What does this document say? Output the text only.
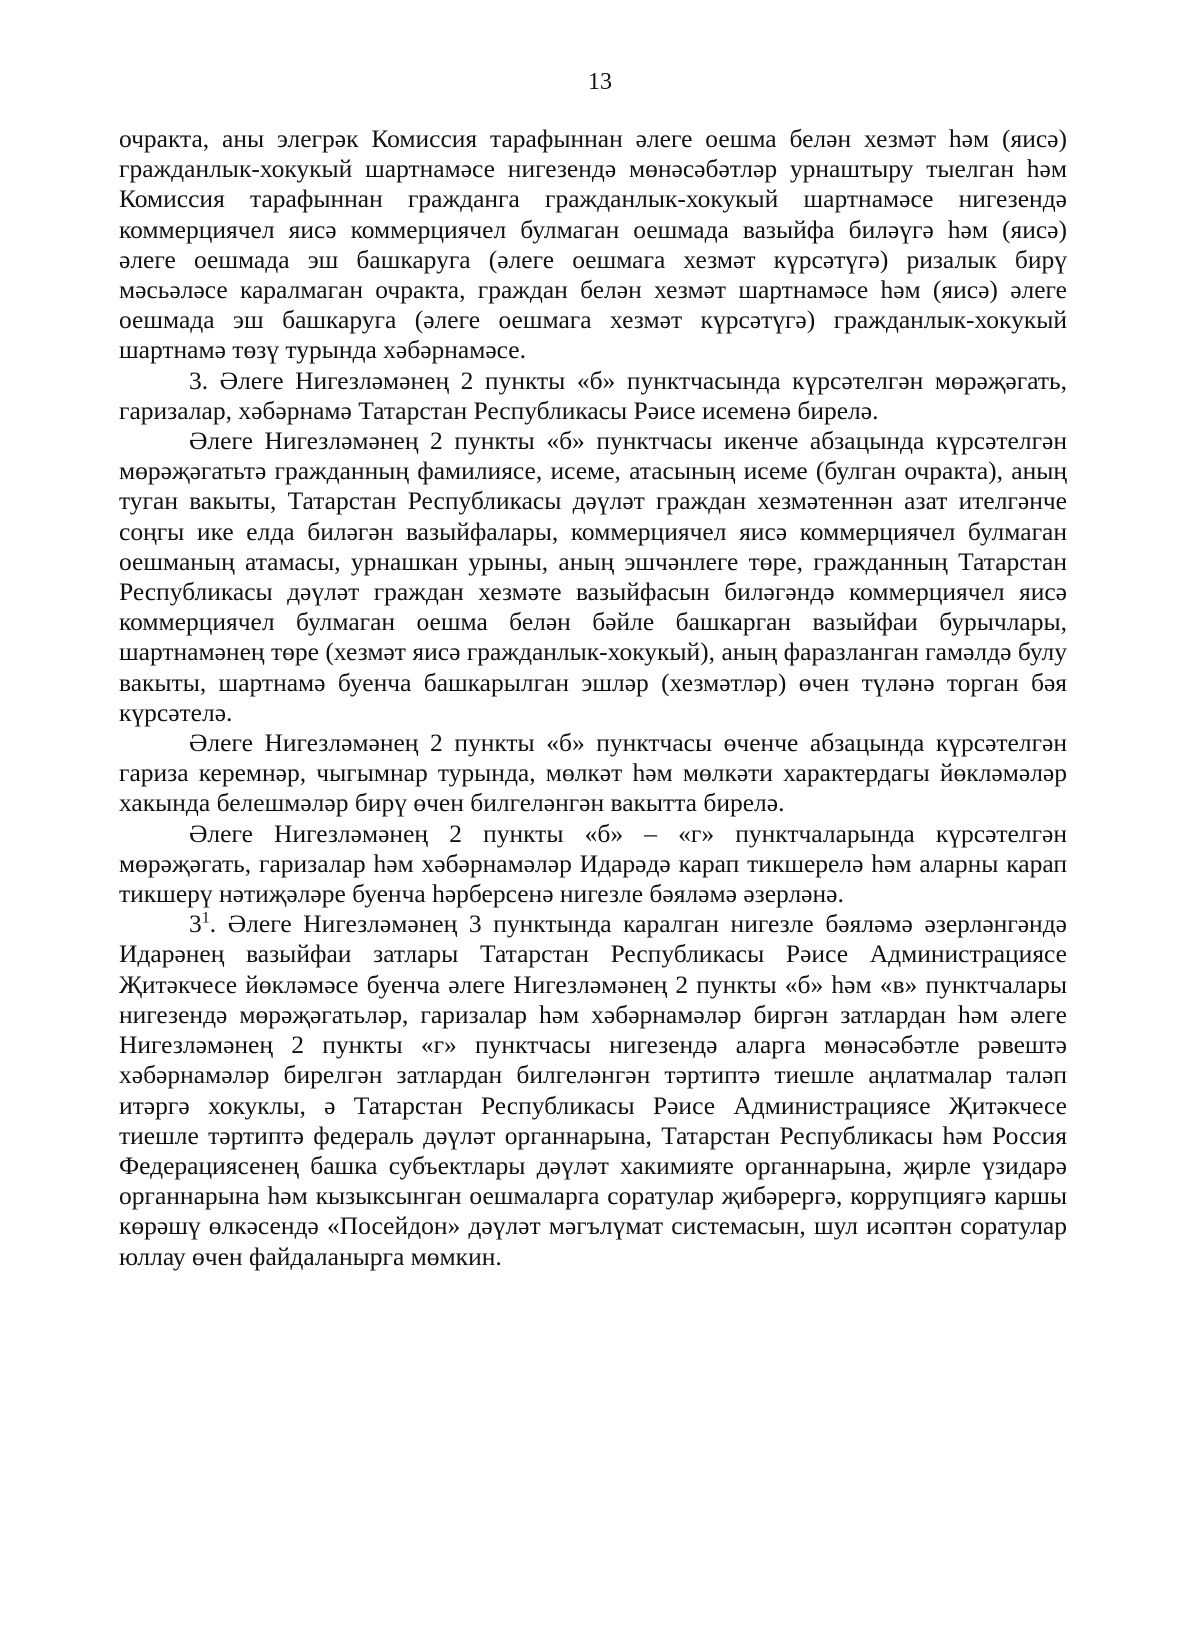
13

очракта, аны элегрәк Комиссия тарафыннан әлеге оешма белән хезмәт һәм (яисә) гражданлык-хокукый шартнамәсе нигезендә мөнәсәбәтләр урнаштыру тыелган һәм Комиссия тарафыннан гражданга гражданлык-хокукый шартнамәсе нигезендә коммерциячел яисә коммерциячел булмаган оешмада вазыйфа биләүгә һәм (яисә) әлеге оешмада эш башкаруга (әлеге оешмага хезмәт күрсәтүгә) ризалык бирү мәсьәләсе каралмаган очракта, граждан белән хезмәт шартнамәсе һәм (яисә) әлеге оешмада эш башкаруга (әлеге оешмага хезмәт күрсәтүгә) гражданлык-хокукый шартнамә төзү турында хәбәрнамәсе.

3. Әлеге Нигезләмәнең 2 пункты «б» пунктчасында күрсәтелгән мөрәҗәгать, гаризалар, хәбәрнамә Татарстан Республикасы Рәисе исеменә бирелә.

Әлеге Нигезләмәнең 2 пункты «б» пунктчасы икенче абзацында күрсәтелгән мөрәҗәгатьтә гражданның фамилиясе, исеме, атасының исеме (булган очракта), аның туган вакыты, Татарстан Республикасы дәүләт граждан хезмәтеннән азат ителгәнче соңгы ике елда биләгән вазыйфалары, коммерциячел яисә коммерциячел булмаган оешманың атамасы, урнашкан урыны, аның эшчәнлеге төре, гражданның Татарстан Республикасы дәүләт граждан хезмәте вазыйфасын биләгәндә коммерциячел яисә коммерциячел булмаган оешма белән бәйле башкарган вазыйфаи бурычлары, шартнамәнең төре (хезмәт яисә гражданлык-хокукый), аның фаразланган гамәлдә булу вакыты, шартнамә буенча башкарылган эшләр (хезмәтләр) өчен түләнә торган бәя күрсәтелә.

Әлеге Нигезләмәнең 2 пункты «б» пунктчасы өченче абзацында күрсәтелгән гариза керемнәр, чыгымнар турында, мөлкәт һәм мөлкәти характердагы йөкләмәләр хакында белешмәләр бирү өчен билгеләнгән вакытта бирелә.

Әлеге Нигезләмәнең 2 пункты «б» – «г» пунктчаларында күрсәтелгән мөрәҗәгать, гаризалар һәм хәбәрнамәләр Идарәдә карап тикшерелә һәм аларны карап тикшерү нәтиҗәләре буенча һәрберсенә нигезле бәяләмә әзерләнә.

$3^1$. Әлеге Нигезләмәнең 3 пунктында каралган нигезле бәяләмә әзерләнгәндә Идарәнең вазыйфаи затлары Татарстан Республикасы Рәисе Администрациясе Җитәкчесе йөкләмәсе буенча әлеге Нигезләмәнең 2 пункты «б» һәм «в» пунктчалары нигезендә мөрәҗәгатьләр, гаризалар һәм хәбәрнамәләр биргән затлардан һәм әлеге Нигезләмәнең 2 пункты «г» пунктчасы нигезендә аларга мөнәсәбәтле рәвештә хәбәрнамәләр бирелгән затлардан билгеләнгән тәртиптә тиешле аңлатмалар таләп итәргә хокуклы, ә Татарстан Республикасы Рәисе Администрациясе Җитәкчесе тиешле тәртиптә федераль дәүләт органнарына, Татарстан Республикасы һәм Россия Федерациясенең башка субъектлары дәүләт хакимияте органнарына, җирле үзидарә органнарына һәм кызыксынган оешмаларга соратулар җибәрергә, коррупциягә каршы көрәшү өлкәсендә «Посейдон» дәүләт мәгълүмат системасын, шул исәптән соратулар юллау өчен файдаланырга мөмкин.
